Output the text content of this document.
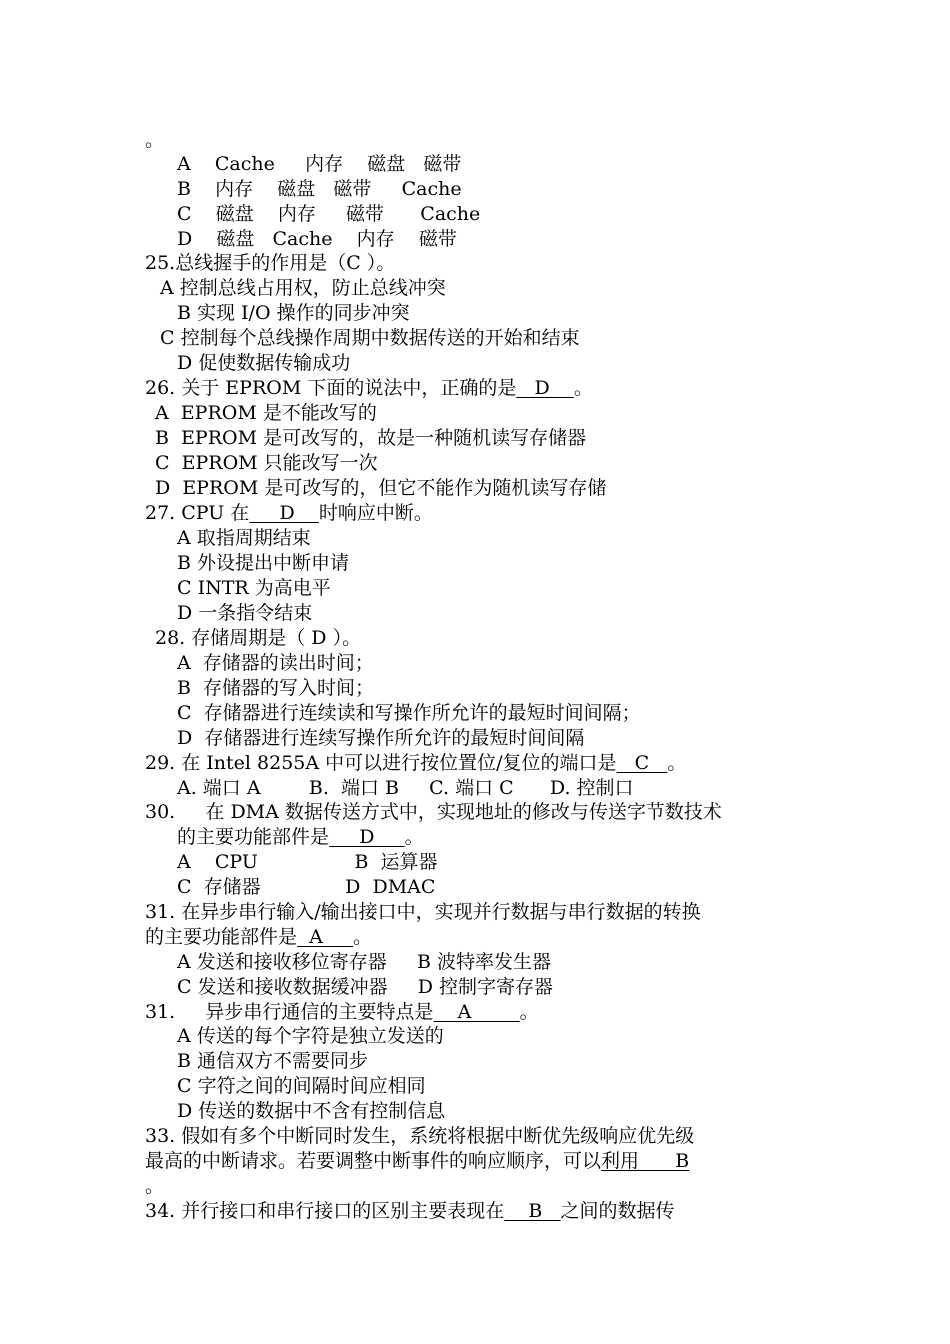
。
A    Cache     内存    磁盘   磁带
B    内存    磁盘   磁带     Cache
C    磁盘    内存     磁带      Cache
D    磁盘   Cache    内存    磁带
25.总线握手的作用是（C ）。
A 控制总线占用权，防止总线冲突
B 实现 I/O 操作的同步冲突
C 控制每个总线操作周期中数据传送的开始和结束
D 促使数据传输成功
26. 关于 EPROM 下面的说法中，正确的是   D    。
A  EPROM 是不能改写的
B  EPROM 是可改写的，故是一种随机读写存储器
C  EPROM 只能改写一次
D  EPROM 是可改写的，但它不能作为随机读写存储
27. CPU 在     D    时响应中断。
A 取指周期结束
B 外设提出中断申请
C INTR 为高电平
D 一条指令结束
28. 存储周期是（ D ）。
A  存储器的读出时间；
B  存储器的写入时间；
C  存储器进行连续读和写操作所允许的最短时间间隔；
D  存储器进行连续写操作所允许的最短时间间隔
29. 在 Intel 8255A 中可以进行按位置位/复位的端口是   C   。
A. 端口 A        B.  端口 B     C. 端口 C      D. 控制口
30.     在 DMA 数据传送方式中，实现地址的修改与传送字节数技术
的主要功能部件是     D     。
A    CPU                B  运算器
C  存储器              D  DMAC
31. 在异步串行输入/输出接口中，实现并行数据与串行数据的转换
的主要功能部件是  A     。
A 发送和接收移位寄存器     B 波特率发生器
C 发送和接收数据缓冲器     D 控制字寄存器
31.     异步串行通信的主要特点是    A        。
A 传送的每个字符是独立发送的
B 通信双方不需要同步
C 字符之间的间隔时间应相同
D 传送的数据中不含有控制信息
33. 假如有多个中断同时发生，系统将根据中断优先级响应优先级
最高的中断请求。若要调整中断事件的响应顺序，可以利用      B
。
34. 并行接口和串行接口的区别主要表现在    B   之间的数据传
